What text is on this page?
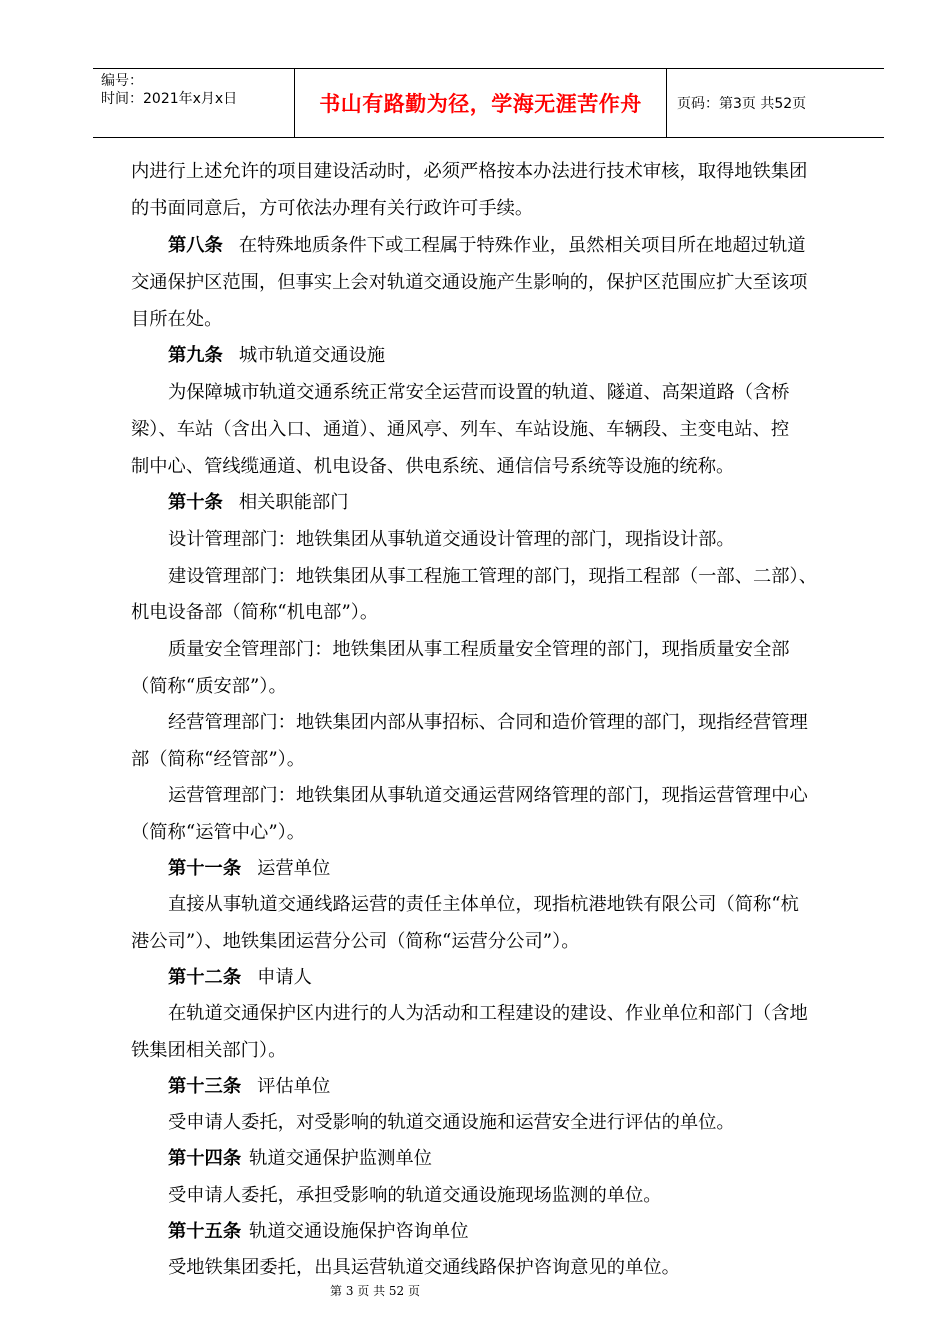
编号：
时间：2021年x月x日	书山有路勤为径，学海无涯苦作舟	页码：第3页 共52页
内进行上述允许的项目建设活动时，必须严格按本办法进行技术审核，取得地铁集团
的书面同意后，方可依法办理有关行政许可手续。
第八条 在特殊地质条件下或工程属于特殊作业，虽然相关项目所在地超过轨道
交通保护区范围，但事实上会对轨道交通设施产生影响的，保护区范围应扩大至该项
目所在处。
第九条 城市轨道交通设施
为保障城市轨道交通系统正常安全运营而设置的轨道、隧道、高架道路（含桥
梁）、车站（含出入口、通道）、通风亭、列车、车站设施、车辆段、主变电站、控
制中心、管线缆通道、机电设备、供电系统、通信信号系统等设施的统称。
第十条 相关职能部门
设计管理部门：地铁集团从事轨道交通设计管理的部门，现指设计部。
建设管理部门：地铁集团从事工程施工管理的部门，现指工程部（一部、二部）、
机电设备部（简称“机电部”）。
质量安全管理部门：地铁集团从事工程质量安全管理的部门，现指质量安全部
（简称“质安部”）。
经营管理部门：地铁集团内部从事招标、合同和造价管理的部门，现指经营管理
部（简称“经管部”）。
运营管理部门：地铁集团从事轨道交通运营网络管理的部门，现指运营管理中心
（简称“运管中心”）。
第十一条 运营单位
直接从事轨道交通线路运营的责任主体单位，现指杭港地铁有限公司（简称“杭
港公司”）、地铁集团运营分公司（简称“运营分公司”）。
第十二条 申请人
在轨道交通保护区内进行的人为活动和工程建设的建设、作业单位和部门（含地
铁集团相关部门）。
第十三条 评估单位
受申请人委托，对受影响的轨道交通设施和运营安全进行评估的单位。
第十四条 轨道交通保护监测单位
受申请人委托，承担受影响的轨道交通设施现场监测的单位。
第十五条 轨道交通设施保护咨询单位
受地铁集团委托，出具运营轨道交通线路保护咨询意见的单位。
第 3 页 共 52 页
